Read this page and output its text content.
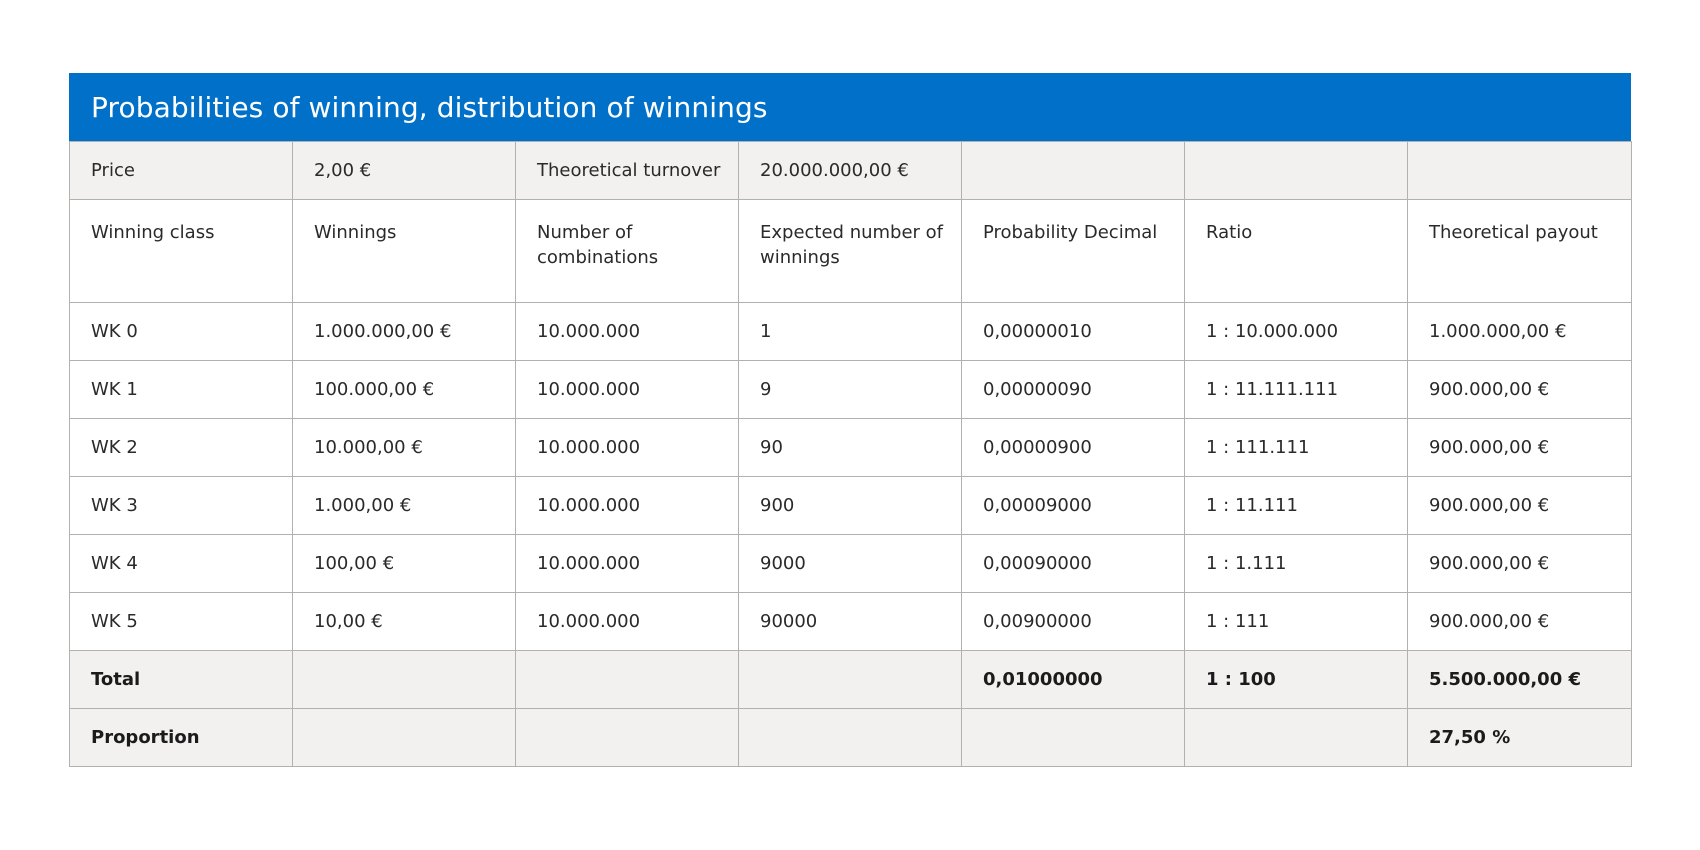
Probabilities of winning, distribution of winnings
Price	2,00 €	Theoretical turnover	20.000.000,00 €			
Winning class	Winnings	Number of combinations	Expected number of winnings	Probability Decimal	Ratio	Theoretical payout
WK 0	1.000.000,00 €	10.000.000	1	0,00000010	1 : 10.000.000	1.000.000,00 €
WK 1	100.000,00 €	10.000.000	9	0,00000090	1 : 11.111.111	900.000,00 €
WK 2	10.000,00 €	10.000.000	90	0,00000900	1 : 111.111	900.000,00 €
WK 3	1.000,00 €	10.000.000	900	0,00009000	1 : 11.111	900.000,00 €
WK 4	100,00 €	10.000.000	9000	0,00090000	1 : 1.111	900.000,00 €
WK 5	10,00 €	10.000.000	90000	0,00900000	1 : 111	900.000,00 €
Total				0,01000000	1 : 100	5.500.000,00 €
Proportion						27,50 %
